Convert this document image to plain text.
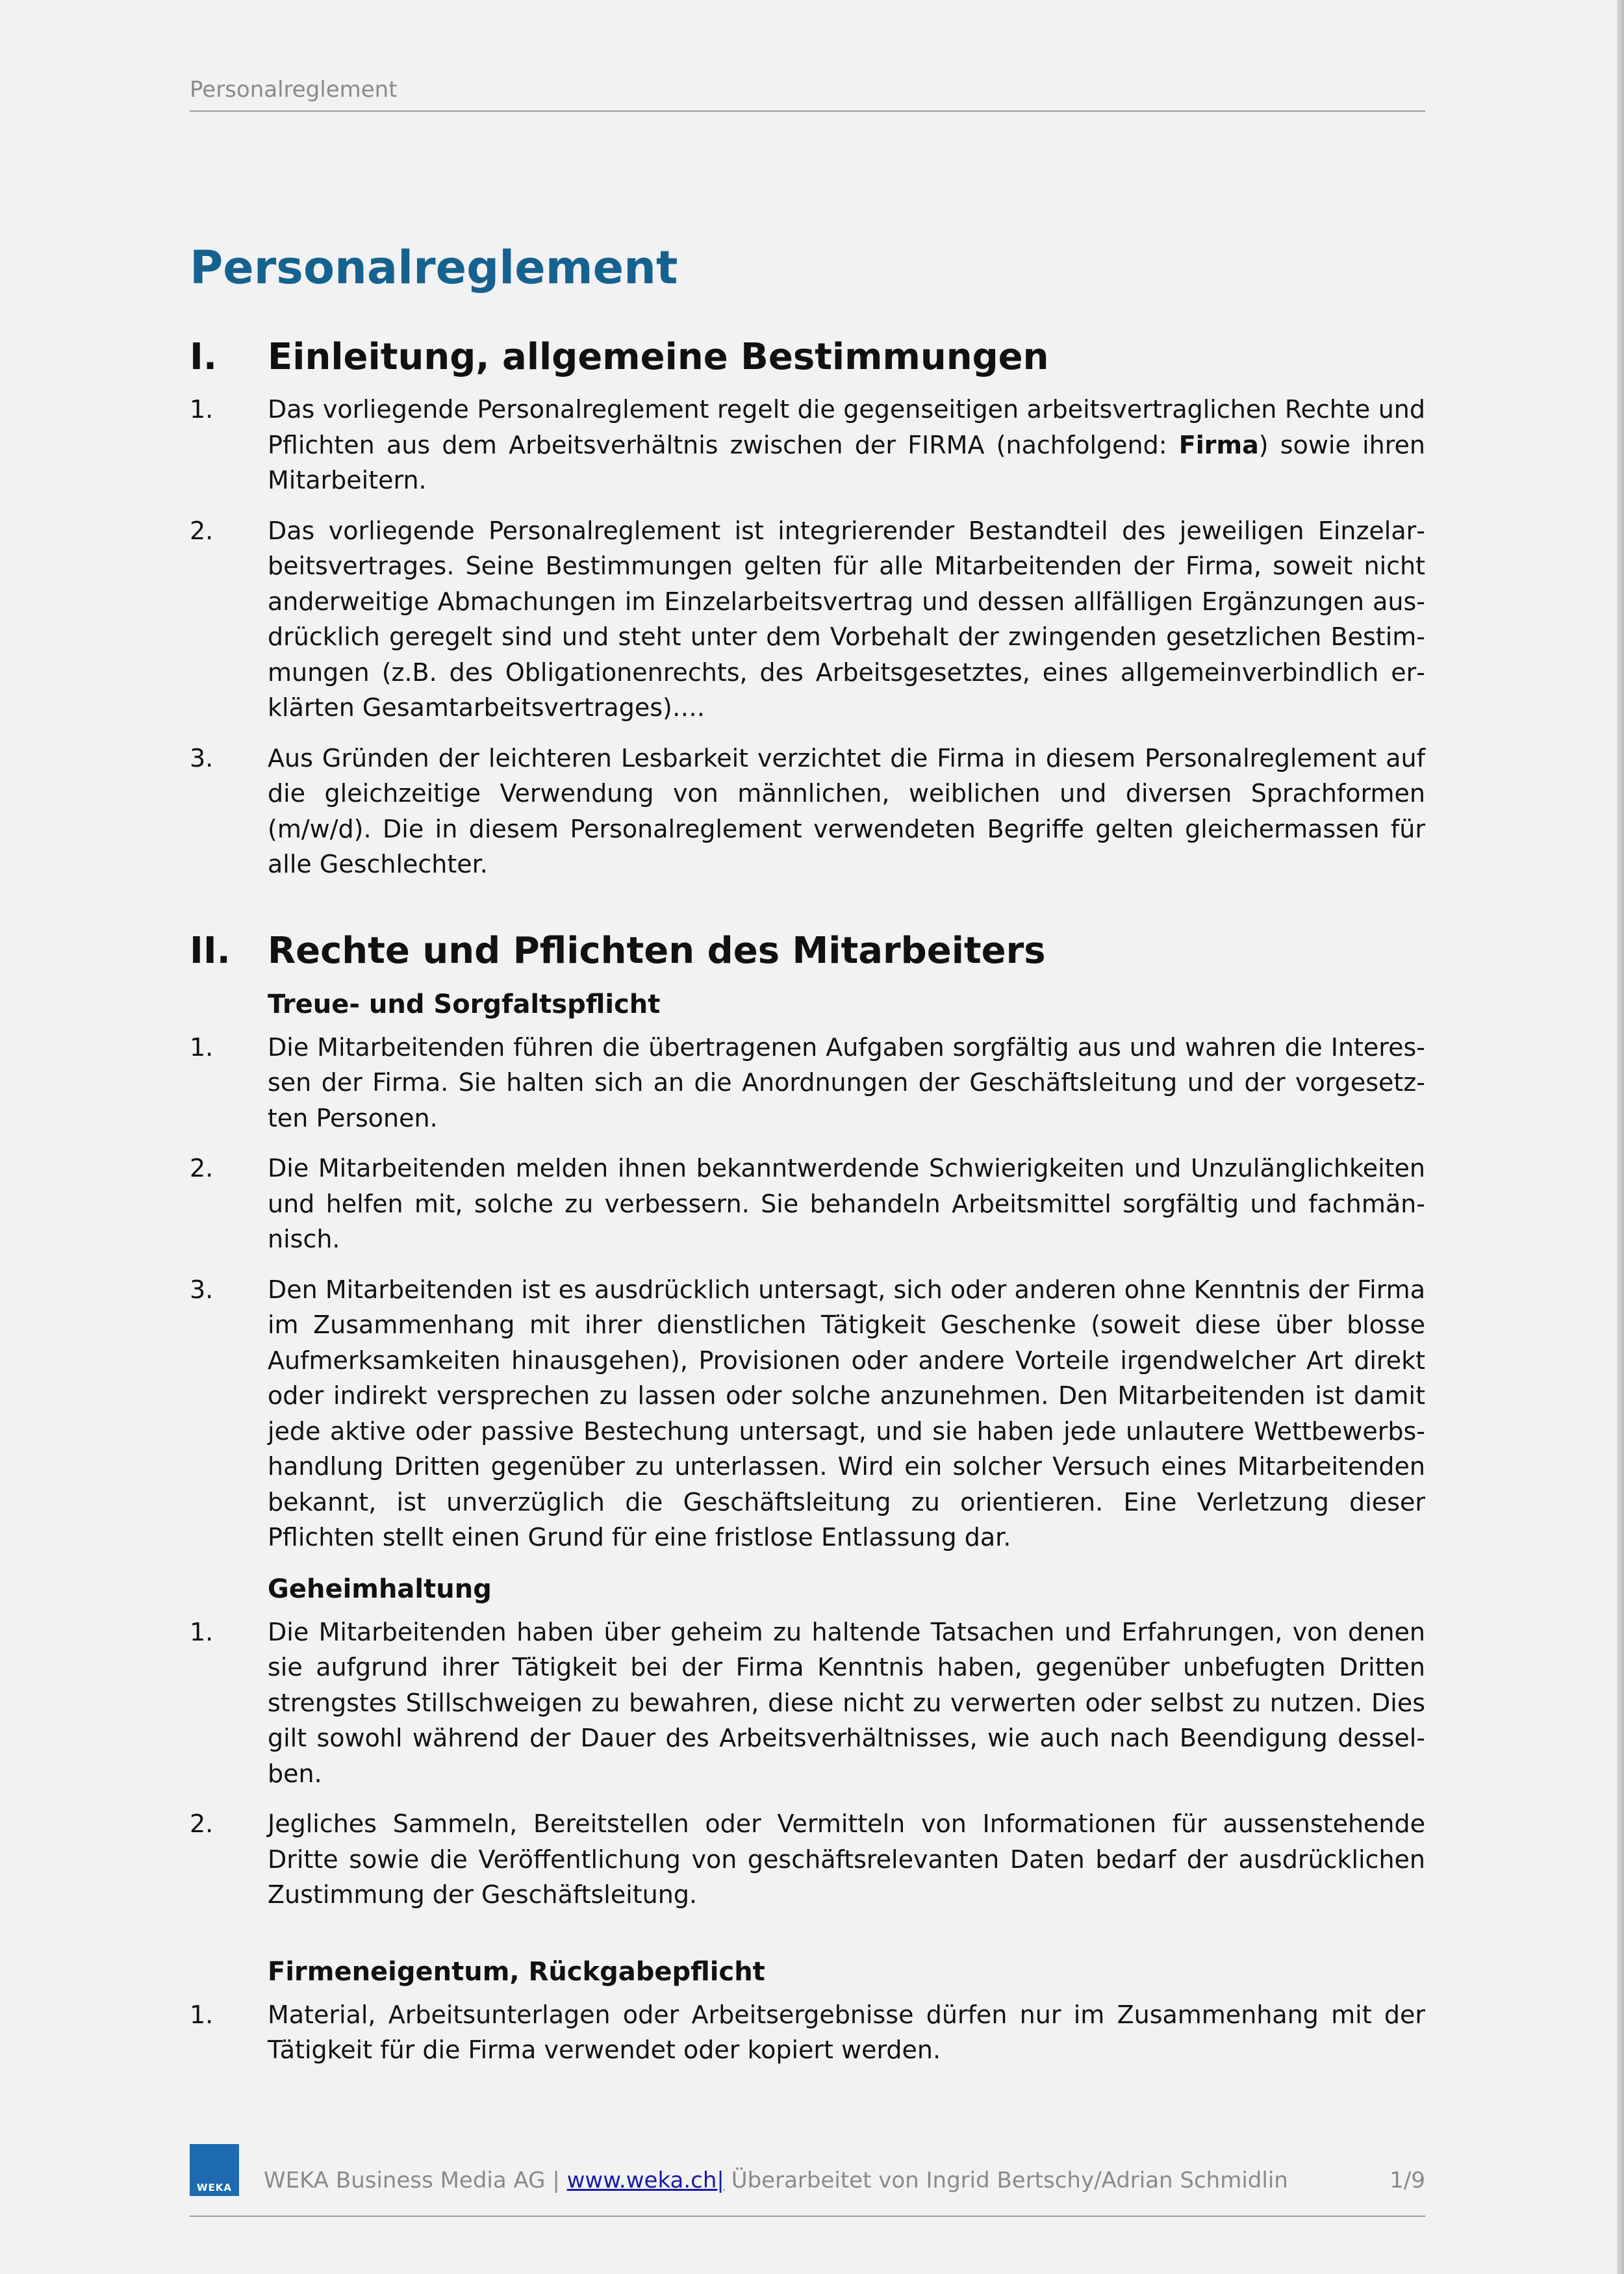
Personalreglement
Personalreglement
I.	Einleitung, allgemeine Bestimmungen
1.	Das vorliegende Personalreglement regelt die gegenseitigen arbeitsvertraglichen Rechte und Pflichten aus dem Arbeitsverhältnis zwischen der FIRMA (nachfolgend: Firma) sowie ihren Mitarbeitern.
2.	Das vorliegende Personalreglement ist integrierender Bestandteil des jeweiligen Einzelarbeitsvertrages. Seine Bestimmungen gelten für alle Mitarbeitenden der Firma, soweit nicht anderweitige Abmachungen im Einzelarbeitsvertrag und dessen allfälligen Ergänzungen ausdrücklich geregelt sind und steht unter dem Vorbehalt der zwingenden gesetzlichen Bestimmungen (z.B. des Obligationenrechts, des Arbeitsgesetztes, eines allgemeinverbindlich erklärten Gesamtarbeitsvertrages)….
3.	Aus Gründen der leichteren Lesbarkeit verzichtet die Firma in diesem Personalreglement auf die gleichzeitige Verwendung von männlichen, weiblichen und diversen Sprachformen (m/w/d). Die in diesem Personalreglement verwendeten Begriffe gelten gleichermassen für alle Geschlechter.
II.	Rechte und Pflichten des Mitarbeiters
Treue- und Sorgfaltspflicht
1.	Die Mitarbeitenden führen die übertragenen Aufgaben sorgfältig aus und wahren die Interessen der Firma. Sie halten sich an die Anordnungen der Geschäftsleitung und der vorgesetzten Personen.
2.	Die Mitarbeitenden melden ihnen bekanntwerdende Schwierigkeiten und Unzulänglichkeiten und helfen mit, solche zu verbessern. Sie behandeln Arbeitsmittel sorgfältig und fachmännisch.
3.	Den Mitarbeitenden ist es ausdrücklich untersagt, sich oder anderen ohne Kenntnis der Firma im Zusammenhang mit ihrer dienstlichen Tätigkeit Geschenke (soweit diese über blosse Aufmerksamkeiten hinausgehen), Provisionen oder andere Vorteile irgendwelcher Art direkt oder indirekt versprechen zu lassen oder solche anzunehmen. Den Mitarbeitenden ist damit jede aktive oder passive Bestechung untersagt, und sie haben jede unlautere Wettbewerbshandlung Dritten gegenüber zu unterlassen. Wird ein solcher Versuch eines Mitarbeitenden bekannt, ist unverzüglich die Geschäftsleitung zu orientieren. Eine Verletzung dieser Pflichten stellt einen Grund für eine fristlose Entlassung dar.
Geheimhaltung
1.	Die Mitarbeitenden haben über geheim zu haltende Tatsachen und Erfahrungen, von denen sie aufgrund ihrer Tätigkeit bei der Firma Kenntnis haben, gegenüber unbefugten Dritten strengstes Stillschweigen zu bewahren, diese nicht zu verwerten oder selbst zu nutzen. Dies gilt sowohl während der Dauer des Arbeitsverhältnisses, wie auch nach Beendigung desselben.
2.	Jegliches Sammeln, Bereitstellen oder Vermitteln von Informationen für aussenstehende Dritte sowie die Veröffentlichung von geschäftsrelevanten Daten bedarf der ausdrücklichen Zustimmung der Geschäftsleitung.
Firmeneigentum, Rückgabepflicht
1.	Material, Arbeitsunterlagen oder Arbeitsergebnisse dürfen nur im Zusammenhang mit der Tätigkeit für die Firma verwendet oder kopiert werden.
WEKA	WEKA Business Media AG | www.weka.ch| Überarbeitet von Ingrid Bertschy/Adrian Schmidlin	1/9
